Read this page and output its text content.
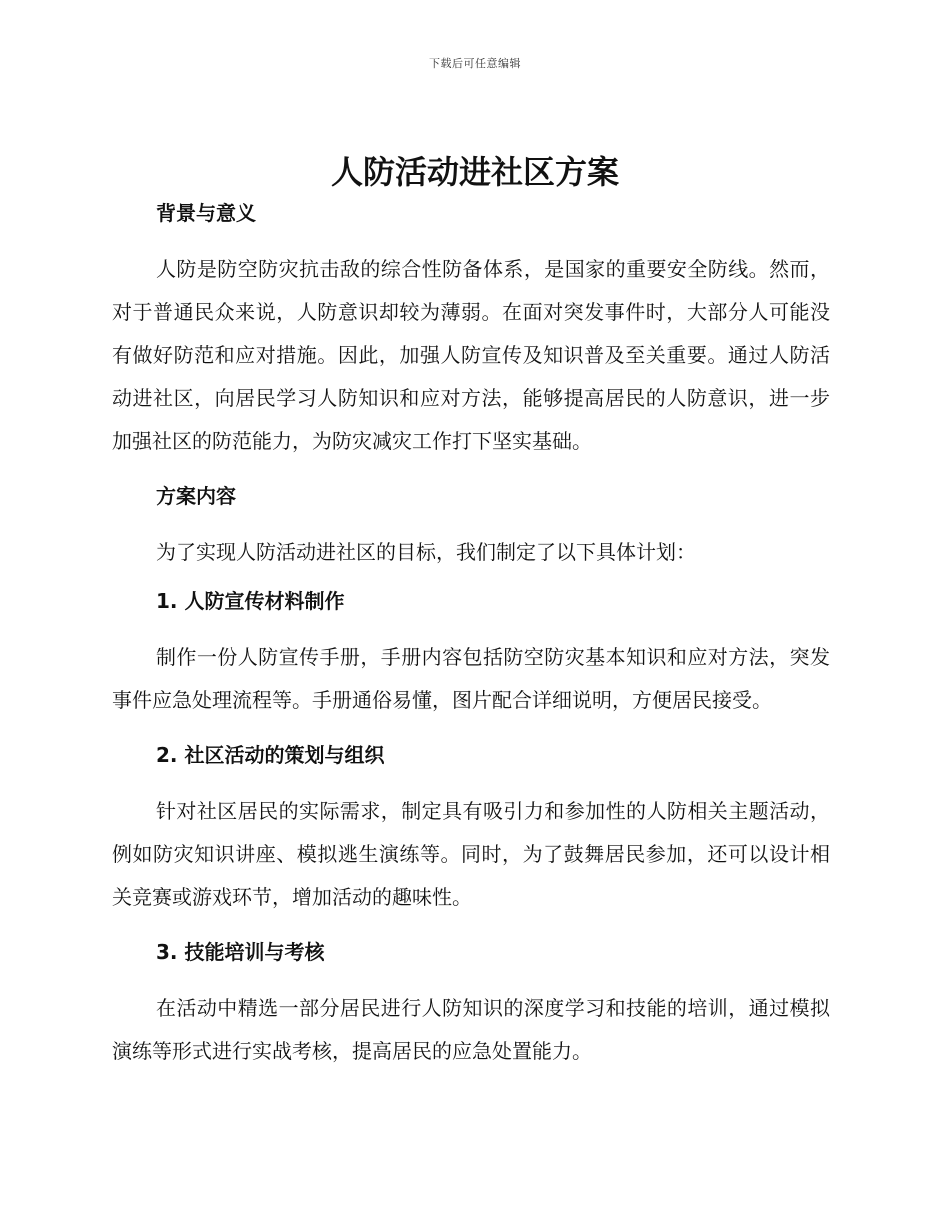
下载后可任意编辑
人防活动进社区方案
背景与意义

人防是防空防灾抗击敌的综合性防备体系，是国家的重要安全防线。然而，对于普通民众来说，人防意识却较为薄弱。在面对突发事件时，大部分人可能没有做好防范和应对措施。因此，加强人防宣传及知识普及至关重要。通过人防活动进社区，向居民学习人防知识和应对方法，能够提高居民的人防意识，进一步加强社区的防范能力，为防灾减灾工作打下坚实基础。

方案内容

为了实现人防活动进社区的目标，我们制定了以下具体计划：

1. 人防宣传材料制作

制作一份人防宣传手册，手册内容包括防空防灾基本知识和应对方法，突发事件应急处理流程等。手册通俗易懂，图片配合详细说明，方便居民接受。

2. 社区活动的策划与组织

针对社区居民的实际需求，制定具有吸引力和参加性的人防相关主题活动，例如防灾知识讲座、模拟逃生演练等。同时，为了鼓舞居民参加，还可以设计相关竞赛或游戏环节，增加活动的趣味性。

3. 技能培训与考核

在活动中精选一部分居民进行人防知识的深度学习和技能的培训，通过模拟演练等形式进行实战考核，提高居民的应急处置能力。
